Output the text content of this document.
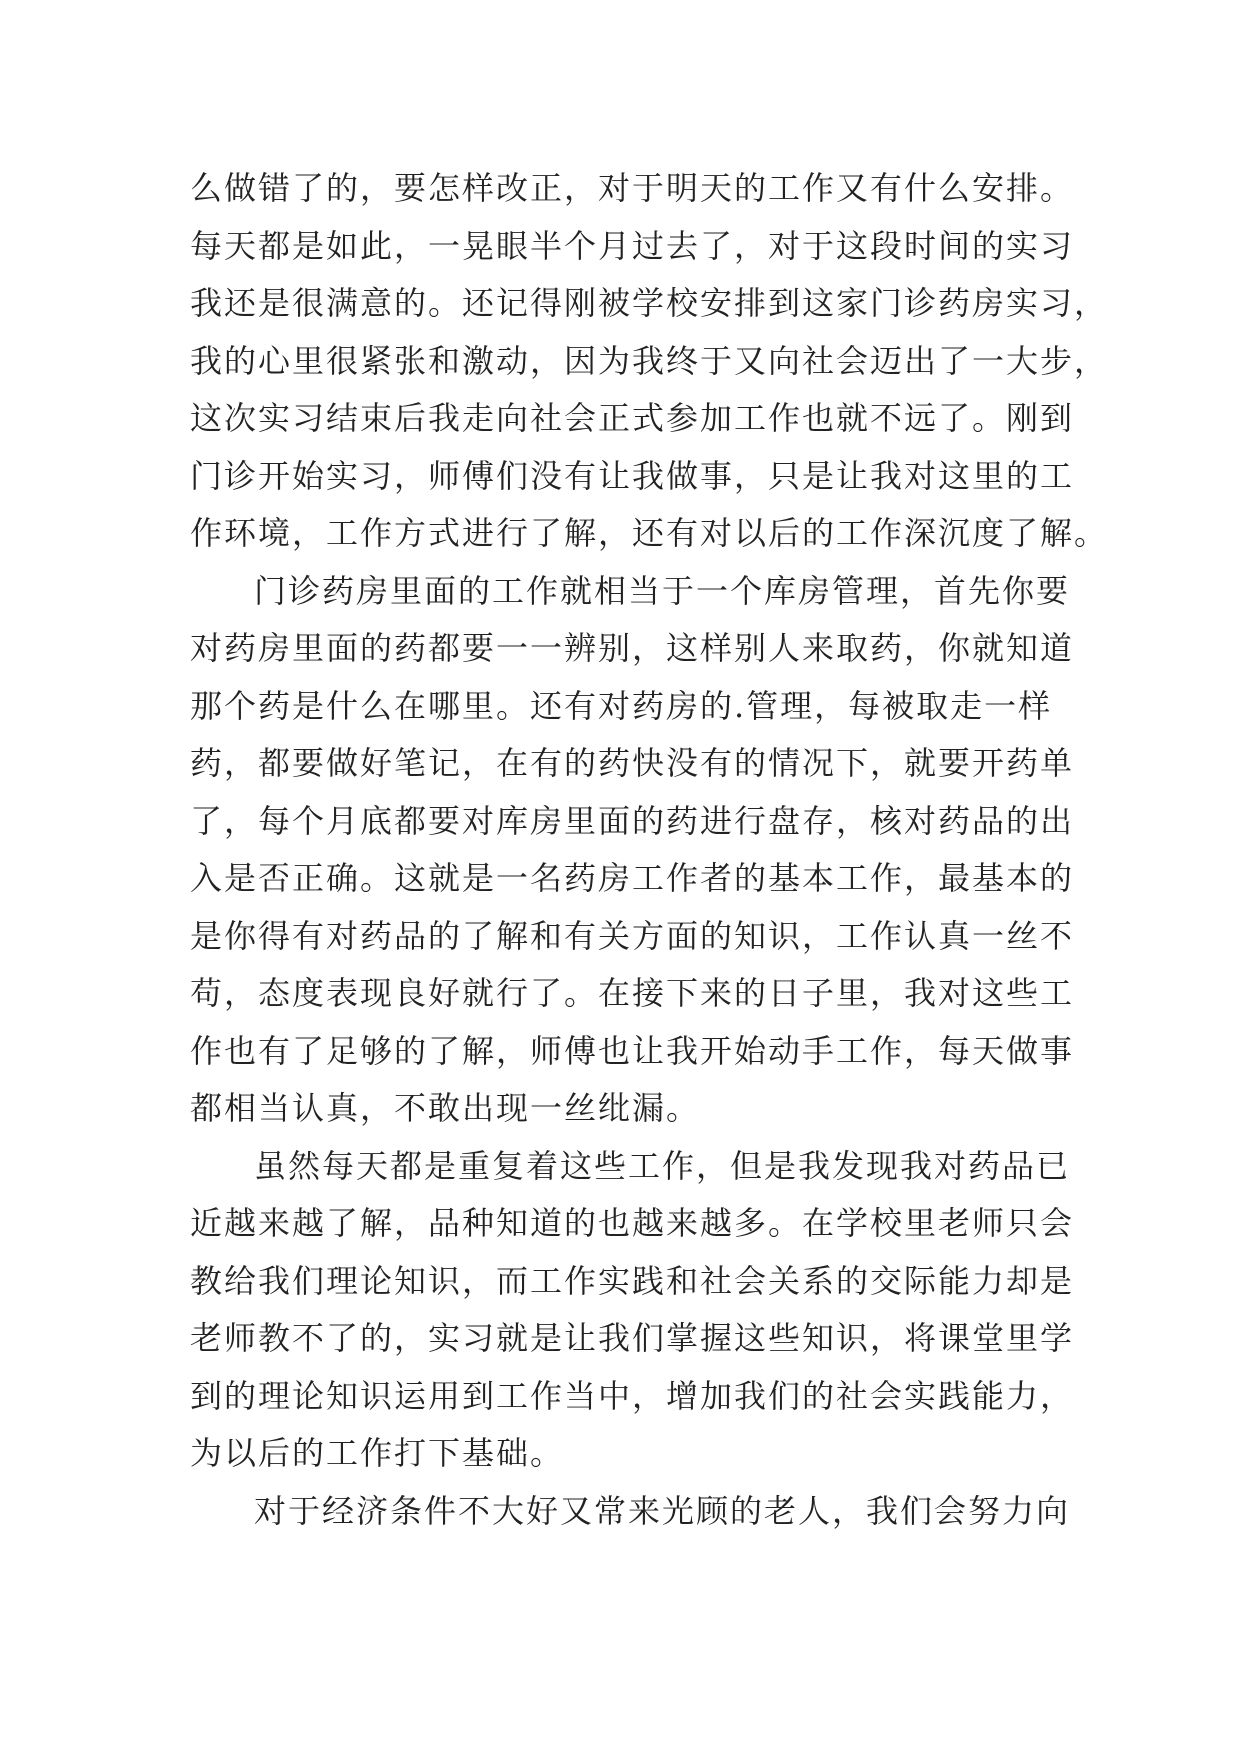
么做错了的，要怎样改正，对于明天的工作又有什么安排。
每天都是如此，一晃眼半个月过去了，对于这段时间的实习
我还是很满意的。还记得刚被学校安排到这家门诊药房实习，
我的心里很紧张和激动，因为我终于又向社会迈出了一大步，
这次实习结束后我走向社会正式参加工作也就不远了。刚到
门诊开始实习，师傅们没有让我做事，只是让我对这里的工
作环境，工作方式进行了解，还有对以后的工作深沉度了解。
门诊药房里面的工作就相当于一个库房管理，首先你要
对药房里面的药都要一一辨别，这样别人来取药，你就知道
那个药是什么在哪里。还有对药房的.管理，每被取走一样
药，都要做好笔记，在有的药快没有的情况下，就要开药单
了，每个月底都要对库房里面的药进行盘存，核对药品的出
入是否正确。这就是一名药房工作者的基本工作，最基本的
是你得有对药品的了解和有关方面的知识，工作认真一丝不
苟，态度表现良好就行了。在接下来的日子里，我对这些工
作也有了足够的了解，师傅也让我开始动手工作，每天做事
都相当认真，不敢出现一丝纰漏。
虽然每天都是重复着这些工作，但是我发现我对药品已
近越来越了解，品种知道的也越来越多。在学校里老师只会
教给我们理论知识，而工作实践和社会关系的交际能力却是
老师教不了的，实习就是让我们掌握这些知识，将课堂里学
到的理论知识运用到工作当中，增加我们的社会实践能力，
为以后的工作打下基础。
对于经济条件不大好又常来光顾的老人，我们会努力向
